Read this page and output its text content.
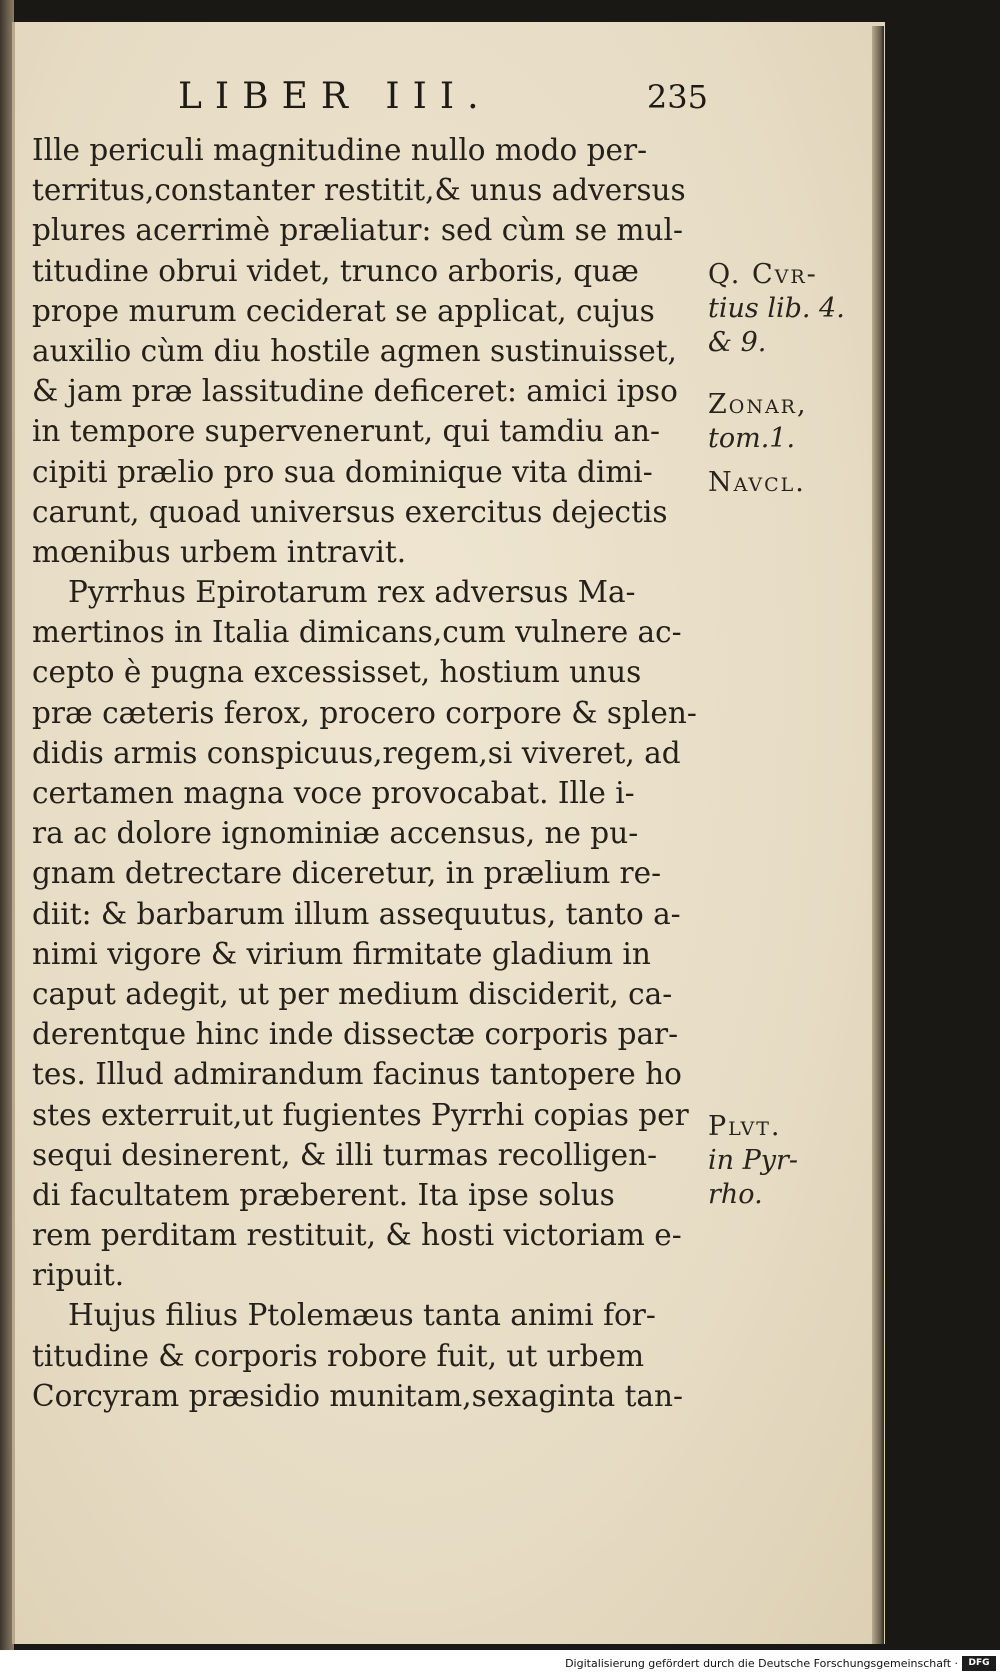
LIBER III.	235
Ille periculi magnitudine nullo modo per-
territus,constanter restitit,& unus adversus
plures acerrimè præliatur: sed cùm se mul-
titudine obrui videt, trunco arboris, quæ
prope murum ceciderat se applicat, cujus
auxilio cùm diu hostile agmen sustinuisset,
& jam præ lassitudine deficeret: amici ipso
in tempore supervenerunt, qui tamdiu an-
cipiti prælio pro sua dominique vita dimi-
carunt, quoad universus exercitus dejectis
mœnibus urbem intravit.
Pyrrhus Epirotarum rex adversus Ma-
mertinos in Italia dimicans,cum vulnere ac-
cepto è pugna excessisset, hostium unus
præ cæteris ferox, procero corpore & splen-
didis armis conspicuus,regem,si viveret, ad
certamen magna voce provocabat. Ille i-
ra ac dolore ignominiæ accensus, ne pu-
gnam detrectare diceretur, in prælium re-
diit: & barbarum illum assequutus, tanto a-
nimi vigore & virium firmitate gladium in
caput adegit, ut per medium disciderit, ca-
derentque hinc inde dissectæ corporis par-
tes. Illud admirandum facinus tantopere ho
stes exterruit,ut fugientes Pyrrhi copias per
sequi desinerent, & illi turmas recolligen-
di facultatem præberent. Ita ipse solus
rem perditam restituit, & hosti victoriam e-
ripuit.
Hujus filius Ptolemæus tanta animi for-
titudine & corporis robore fuit, ut urbem
Corcyram præsidio munitam,sexaginta tan-
Q. Cvr-
tius lib. 4.
& 9.
Zonar,
tom.1.
Navcl.
Plvt.
in Pyr-
rho.
Digitalisierung gefördert durch die Deutsche Forschungsgemeinschaft ·	DFG
